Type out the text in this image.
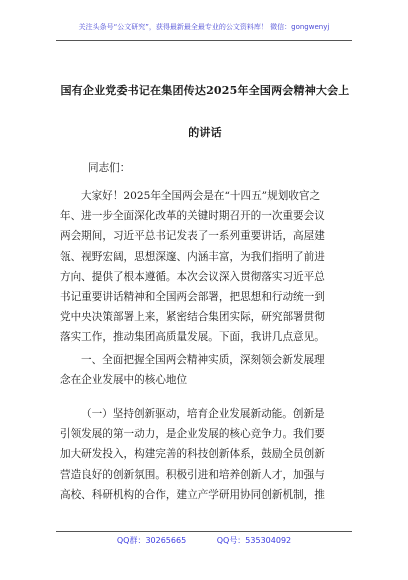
关注头条号“公文研究”，获得最新最全最专业的公文资料库！ 微信：gongwenyj
国有企业党委书记在集团传达2025年全国两会精神大会上
的讲话
同志们：

大家好！2025年全国两会是在“十四五”规划收官之
年、进一步全面深化改革的关键时期召开的一次重要会议
两会期间，习近平总书记发表了一系列重要讲话，高屋建
瓴、视野宏阔，思想深邃、内涵丰富，为我们指明了前进
方向、提供了根本遵循。本次会议深入贯彻落实习近平总
书记重要讲话精神和全国两会部署，把思想和行动统一到
党中央决策部署上来，紧密结合集团实际，研究部署贯彻
落实工作，推动集团高质量发展。下面，我讲几点意见。

一、全面把握全国两会精神实质，深刻领会新发展理
念在企业发展中的核心地位

（一）坚持创新驱动，培育企业发展新动能。创新是
引领发展的第一动力，是企业发展的核心竞争力。我们要
加大研发投入，构建完善的科技创新体系，鼓励全员创新
营造良好的创新氛围。积极引进和培养创新人才，加强与
高校、科研机构的合作，建立产学研用协同创新机制，推

QQ群：30265665	QQ号：535304092
